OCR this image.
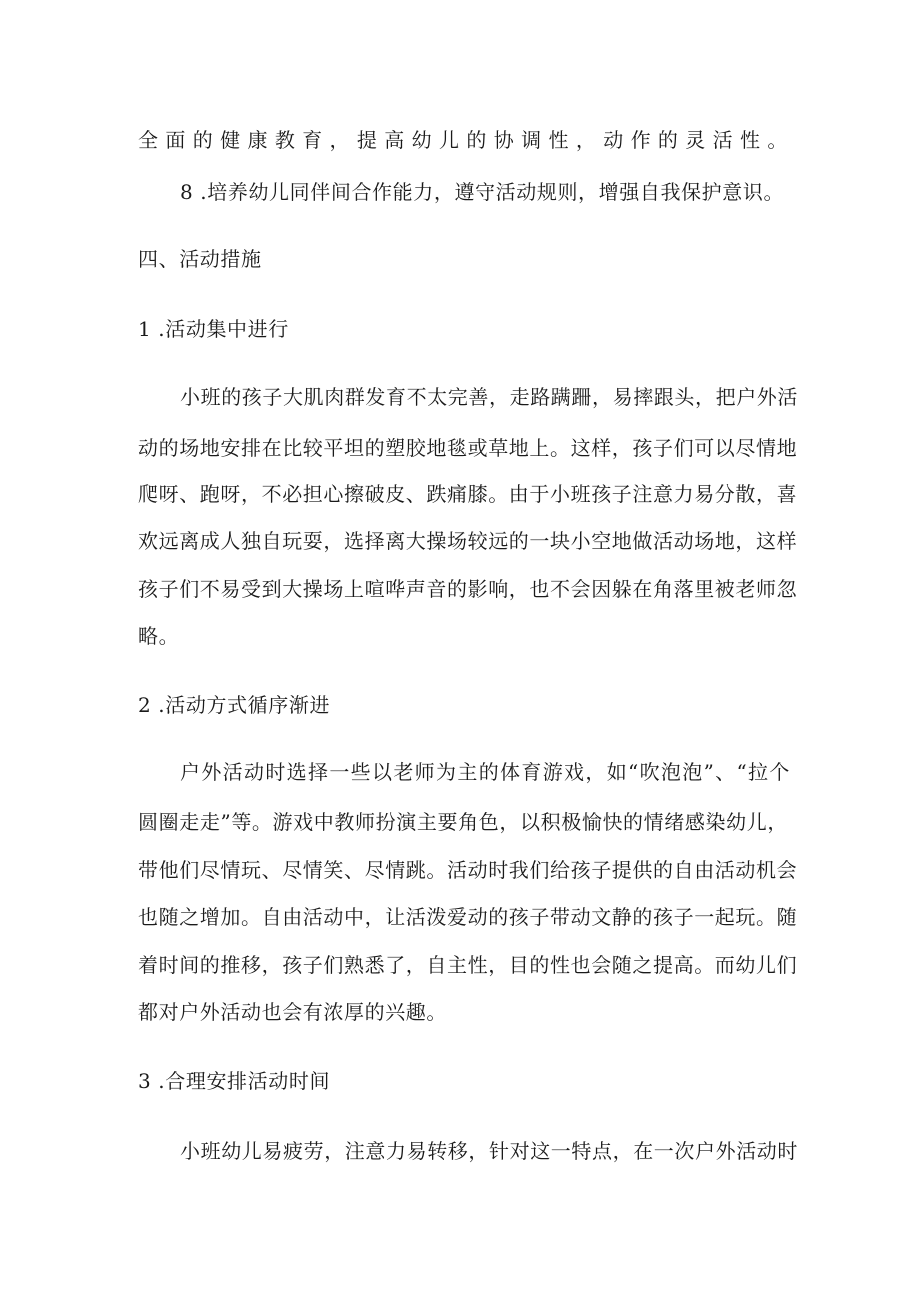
全面的健康教育，提高幼儿的协调性，动作的灵活性。
8 .培养幼儿同伴间合作能力，遵守活动规则，增强自我保护意识。
四、活动措施
1 .活动集中进行
小班的孩子大肌肉群发育不太完善，走路蹒跚，易摔跟头，把户外活
动的场地安排在比较平坦的塑胶地毯或草地上。这样，孩子们可以尽情地
爬呀、跑呀，不必担心擦破皮、跌痛膝。由于小班孩子注意力易分散，喜
欢远离成人独自玩耍，选择离大操场较远的一块小空地做活动场地，这样
孩子们不易受到大操场上喧哗声音的影响，也不会因躲在角落里被老师忽
略。
2 .活动方式循序渐进
户外活动时选择一些以老师为主的体育游戏，如“吹泡泡”、“拉个
圆圈走走”等。游戏中教师扮演主要角色，以积极愉快的情绪感染幼儿，
带他们尽情玩、尽情笑、尽情跳。活动时我们给孩子提供的自由活动机会
也随之增加。自由活动中，让活泼爱动的孩子带动文静的孩子一起玩。随
着时间的推移，孩子们熟悉了，自主性，目的性也会随之提高。而幼儿们
都对户外活动也会有浓厚的兴趣。
3 .合理安排活动时间
小班幼儿易疲劳，注意力易转移，针对这一特点，在一次户外活动时
